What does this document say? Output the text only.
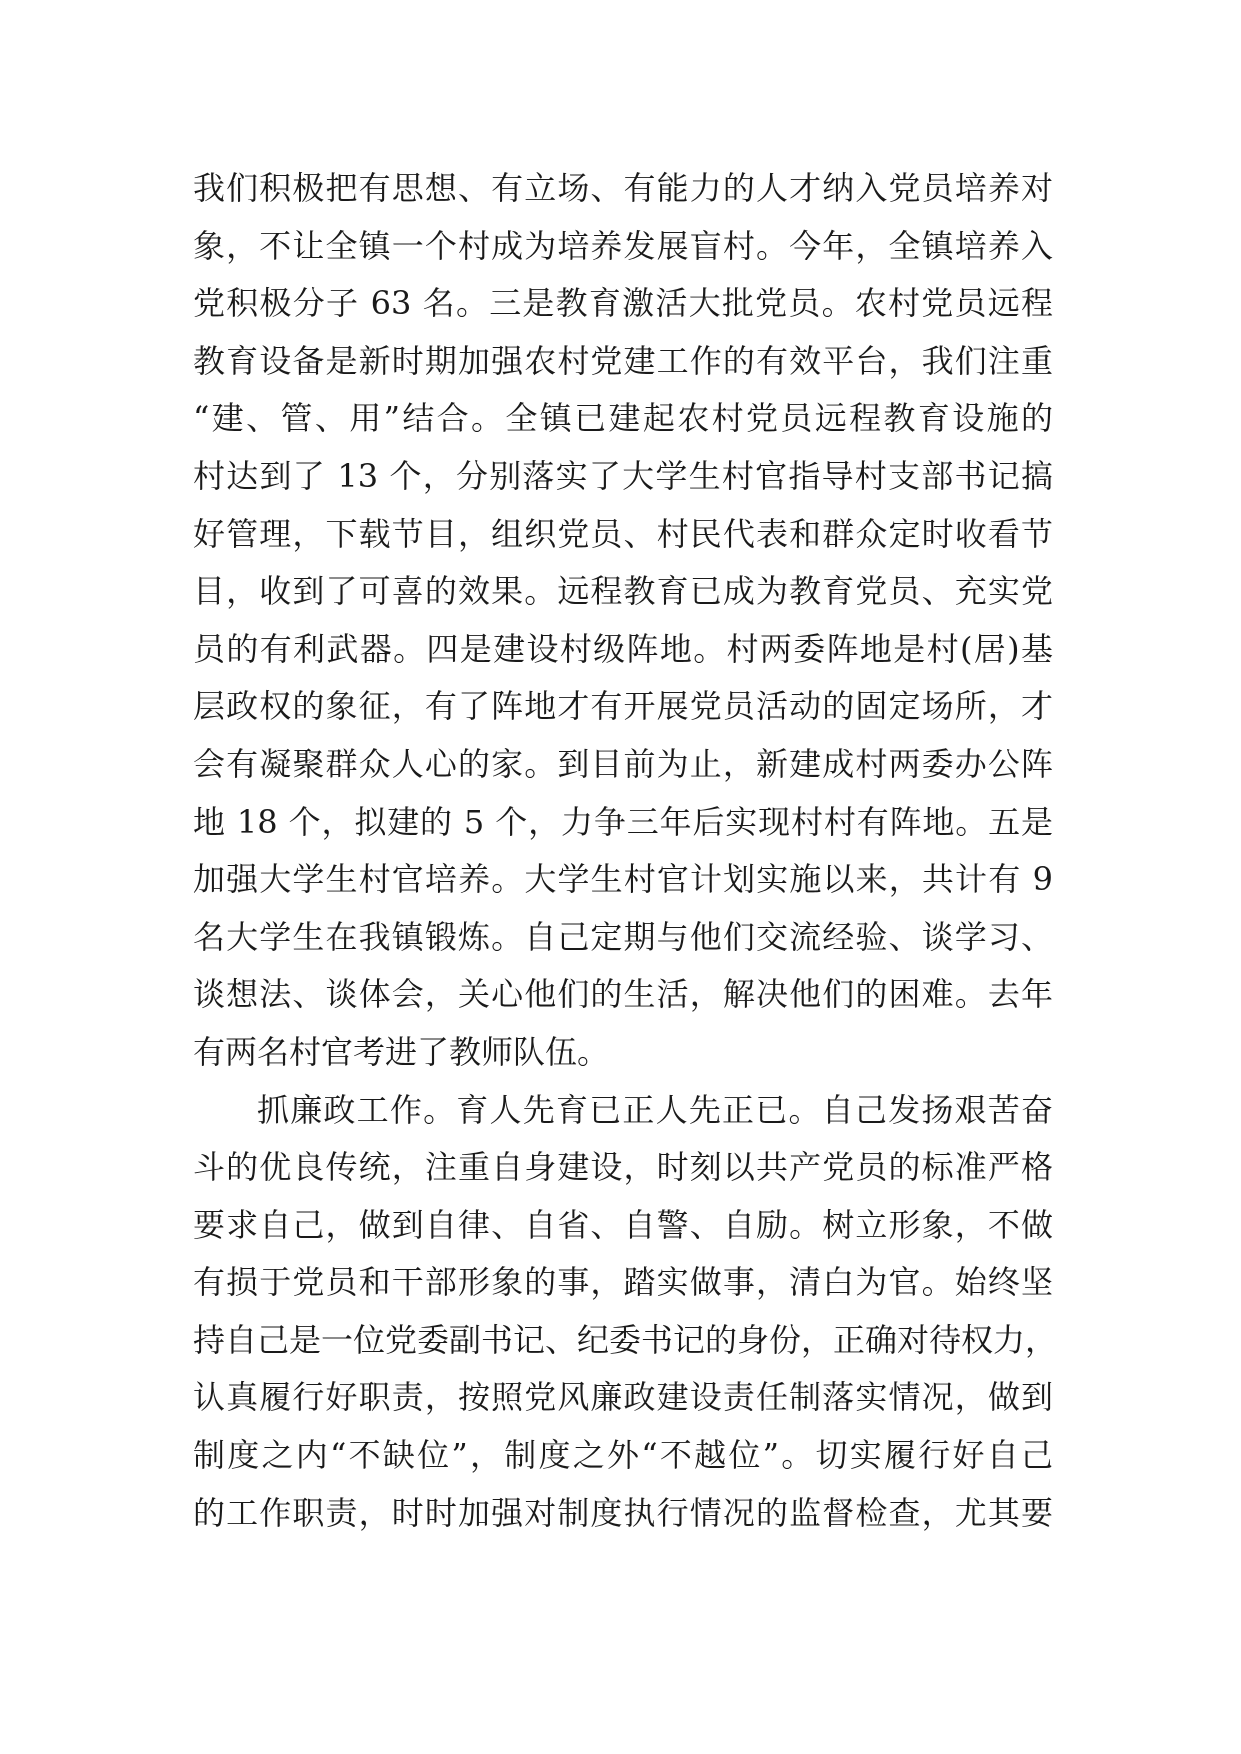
我们积极把有思想、有立场、有能力的人才纳入党员培养对
象，不让全镇一个村成为培养发展盲村。今年，全镇培养入
党积极分子 63 名。三是教育激活大批党员。农村党员远程
教育设备是新时期加强农村党建工作的有效平台，我们注重
“建、管、用”结合。全镇已建起农村党员远程教育设施的
村达到了 13 个，分别落实了大学生村官指导村支部书记搞
好管理，下载节目，组织党员、村民代表和群众定时收看节
目，收到了可喜的效果。远程教育已成为教育党员、充实党
员的有利武器。四是建设村级阵地。村两委阵地是村(居)基
层政权的象征，有了阵地才有开展党员活动的固定场所，才
会有凝聚群众人心的家。到目前为止，新建成村两委办公阵
地 18 个，拟建的 5 个，力争三年后实现村村有阵地。五是
加强大学生村官培养。大学生村官计划实施以来，共计有 9
名大学生在我镇锻炼。自己定期与他们交流经验、谈学习、
谈想法、谈体会，关心他们的生活，解决他们的困难。去年
有两名村官考进了教师队伍。
抓廉政工作。育人先育已正人先正已。自己发扬艰苦奋
斗的优良传统，注重自身建设，时刻以共产党员的标准严格
要求自己，做到自律、自省、自警、自励。树立形象，不做
有损于党员和干部形象的事，踏实做事，清白为官。始终坚
持自己是一位党委副书记、纪委书记的身份，正确对待权力，
认真履行好职责，按照党风廉政建设责任制落实情况，做到
制度之内“不缺位”，制度之外“不越位”。切实履行好自己
的工作职责，时时加强对制度执行情况的监督检查，尤其要
